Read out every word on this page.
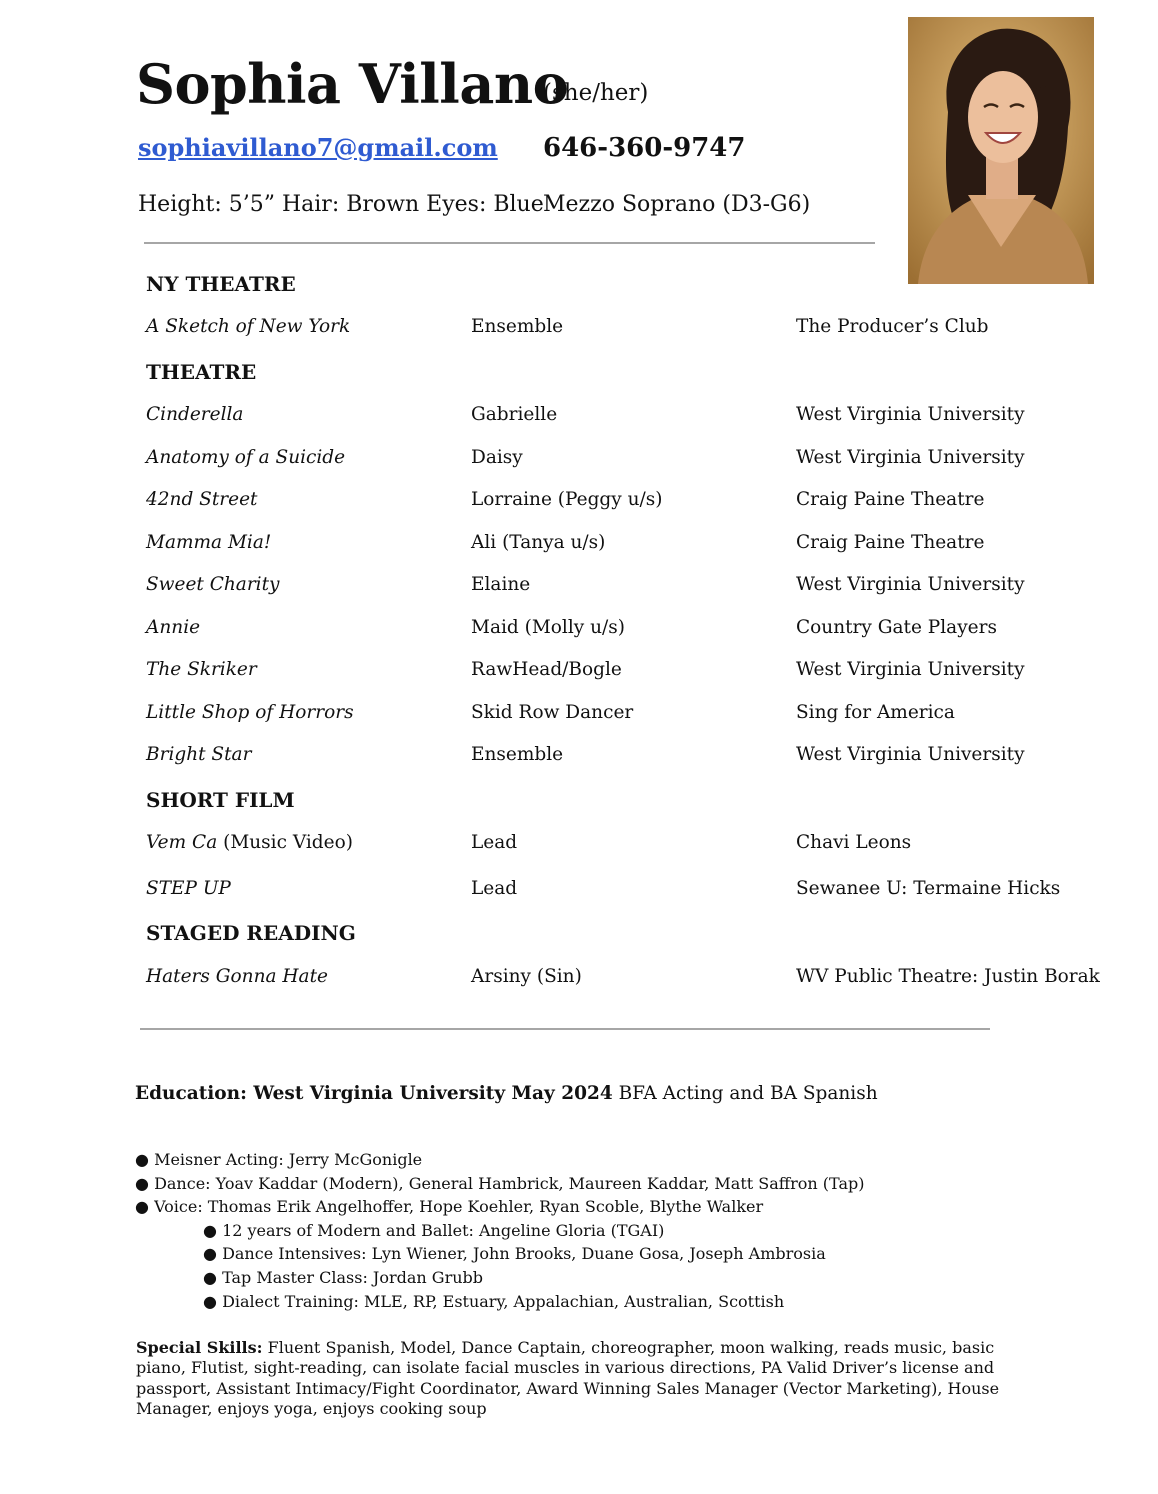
Sophia Villano
(she/her)
sophiavillano7@gmail.com 646-360-9747
Height: 5’5” Hair: Brown Eyes: Blue Mezzo Soprano (D3-G6)
NY THEATRE
A Sketch of New York	Ensemble	The Producer’s Club
THEATRE
Cinderella	Gabrielle	West Virginia University
Anatomy of a Suicide	Daisy	West Virginia University
42nd Street	Lorraine (Peggy u/s)	Craig Paine Theatre
Mamma Mia!	Ali (Tanya u/s)	Craig Paine Theatre
Sweet Charity	Elaine	West Virginia University
Annie	Maid (Molly u/s)	Country Gate Players
The Skriker	RawHead/Bogle	West Virginia University
Little Shop of Horrors	Skid Row Dancer	Sing for America
Bright Star	Ensemble	West Virginia University
SHORT FILM
Vem Ca (Music Video)	Lead	Chavi Leons
STEP UP	Lead	Sewanee U: Termaine Hicks
STAGED READING
Haters Gonna Hate	Arsiny (Sin)	WV Public Theatre: Justin Borak
Education: West Virginia University May 2024 BFA Acting and BA Spanish
● Meisner Acting: Jerry McGonigle
● Dance: Yoav Kaddar (Modern), General Hambrick, Maureen Kaddar, Matt Saffron (Tap)
● Voice: Thomas Erik Angelhoffer, Hope Koehler, Ryan Scoble, Blythe Walker
● 12 years of Modern and Ballet: Angeline Gloria (TGAI)
● Dance Intensives: Lyn Wiener, John Brooks, Duane Gosa, Joseph Ambrosia
● Tap Master Class: Jordan Grubb
● Dialect Training: MLE, RP, Estuary, Appalachian, Australian, Scottish
Special Skills: Fluent Spanish, Model, Dance Captain, choreographer, moon walking, reads music, basic piano, Flutist, sight-reading, can isolate facial muscles in various directions, PA Valid Driver’s license and passport, Assistant Intimacy/Fight Coordinator, Award Winning Sales Manager (Vector Marketing), House Manager, enjoys yoga, enjoys cooking soup
